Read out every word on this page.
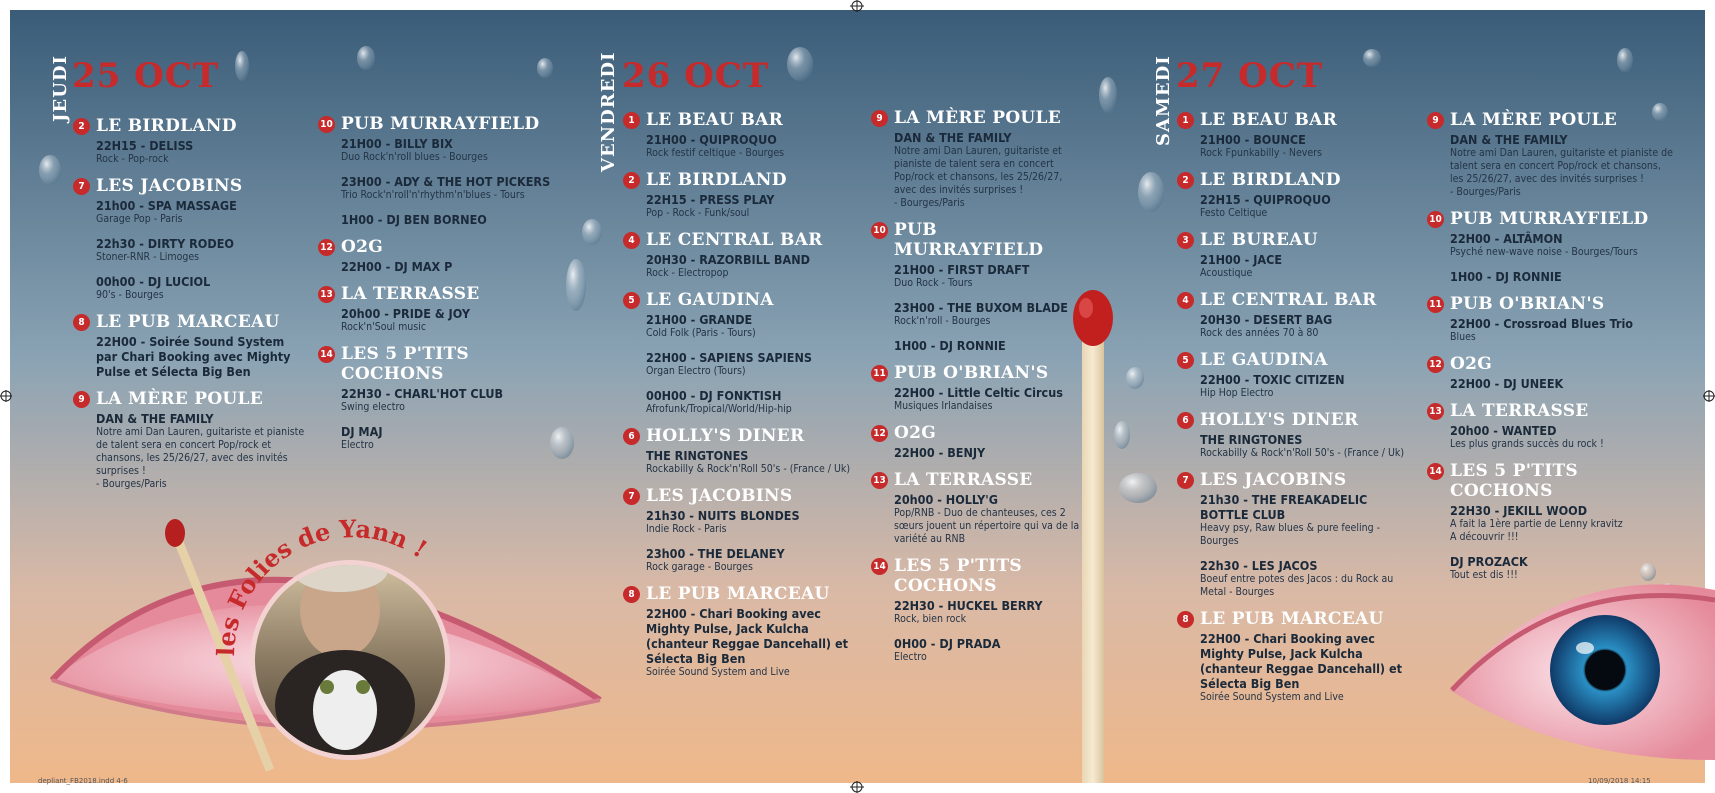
les Folies de Yann !
JEUDI 25 OCT
2 LE BIRDLAND
22H15 - DELISS
Rock - Pop-rock
7 LES JACOBINS
21h00 - SPA MASSAGE
Garage Pop - Paris
22h30 - DIRTY RODEO
Stoner-RNR - Limoges
00h00 - DJ LUCIOL
90's - Bourges
8 LE PUB MARCEAU
22H00 - Soirée Sound System par Chari Booking avec Mighty Pulse et Sélecta Big Ben
9 LA MÈRE POULE
DAN & THE FAMILY
Notre ami Dan Lauren, guitariste et pianiste de talent sera en concert Pop/rock et chansons, les 25/26/27, avec des invités surprises !
- Bourges/Paris
10 PUB MURRAYFIELD
21H00 - BILLY BIX
Duo Rock'n'roll blues - Bourges
23H00 - ADY & THE HOT PICKERS
Trio Rock'n'roll'n'rhythm'n'blues - Tours
1H00 - DJ BEN BORNEO
12 O2G
22H00 - DJ MAX P
13 LA TERRASSE
20h00 - PRIDE & JOY
Rock'n'Soul music
14 LES 5 P'TITS COCHONS
22H30 - CHARL'HOT CLUB
Swing electro
DJ MAJ
Electro
VENDREDI 26 OCT
1 LE BEAU BAR
21H00 - QUIPROQUO
Rock festif celtique - Bourges
2 LE BIRDLAND
22H15 - PRESS PLAY
Pop - Rock - Funk/soul
4 LE CENTRAL BAR
20H30 - RAZORBILL BAND
Rock - Electropop
5 LE GAUDINA
21H00 - GRANDE
Cold Folk (Paris - Tours)
22H00 - SAPIENS SAPIENS
Organ Electro (Tours)
00H00 - DJ FONKTISH
Afrofunk/Tropical/World/Hip-hip
6 HOLLY'S DINER
THE RINGTONES
Rockabilly & Rock'n'Roll 50's - (France / Uk)
7 LES JACOBINS
21h30 - NUITS BLONDES
Indie Rock - Paris
23h00 - THE DELANEY
Rock garage - Bourges
8 LE PUB MARCEAU
22H00 - Chari Booking avec Mighty Pulse, Jack Kulcha (chanteur Reggae Dancehall) et Sélecta Big Ben
Soirée Sound System and Live
9 LA MÈRE POULE
DAN & THE FAMILY
Notre ami Dan Lauren, guitariste et pianiste de talent sera en concert Pop/rock et chansons, les 25/26/27, avec des invités surprises !
- Bourges/Paris
10 PUB MURRAYFIELD
21H00 - FIRST DRAFT
Duo Rock - Tours
23H00 - THE BUXOM BLADE
Rock'n'roll - Bourges
1H00 - DJ RONNIE
11 PUB O'BRIAN'S
22H00 - Little Celtic Circus
Musiques Irlandaises
12 O2G
22H00 - BENJY
13 LA TERRASSE
20h00 - HOLLY'G
Pop/RNB - Duo de chanteuses, ces 2 sœurs jouent un répertoire qui va de la variété au RNB
14 LES 5 P'TITS COCHONS
22H30 - HUCKEL BERRY
Rock, bien rock
0H00 - DJ PRADA
Electro
SAMEDI 27 OCT
1 LE BEAU BAR
21H00 - BOUNCE
Rock Fpunkabilly - Nevers
2 LE BIRDLAND
22H15 - QUIPROQUO
Festo Celtique
3 LE BUREAU
21H00 - JACE
Acoustique
4 LE CENTRAL BAR
20H30 - DESERT BAG
Rock des années 70 à 80
5 LE GAUDINA
22H00 - TOXIC CITIZEN
Hip Hop Electro
6 HOLLY'S DINER
THE RINGTONES
Rockabilly & Rock'n'Roll 50's - (France / Uk)
7 LES JACOBINS
21h30 - THE FREAKADELIC BOTTLE CLUB
Heavy psy, Raw blues & pure feeling - Bourges
22h30 - LES JACOS
Boeuf entre potes des Jacos : du Rock au Metal - Bourges
8 LE PUB MARCEAU
22H00 - Chari Booking avec Mighty Pulse, Jack Kulcha (chanteur Reggae Dancehall) et Sélecta Big Ben
Soirée Sound System and Live
9 LA MÈRE POULE
DAN & THE FAMILY
Notre ami Dan Lauren, guitariste et pianiste de talent sera en concert Pop/rock et chansons, les 25/26/27, avec des invités surprises !
- Bourges/Paris
10 PUB MURRAYFIELD
22H00 - ALTÂMON
Psyché new-wave noise - Bourges/Tours
1H00 - DJ RONNIE
11 PUB O'BRIAN'S
22H00 - Crossroad Blues Trio
Blues
12 O2G
22H00 - DJ UNEEK
13 LA TERRASSE
20h00 - WANTED
Les plus grands succès du rock !
14 LES 5 P'TITS COCHONS
22H30 - JEKILL WOOD
A fait la 1ère partie de Lenny kravitz
A découvrir !!!
DJ PROZACK
Tout est dis !!!
depliant_FB2018.indd 4-6	10/09/2018 14:15
